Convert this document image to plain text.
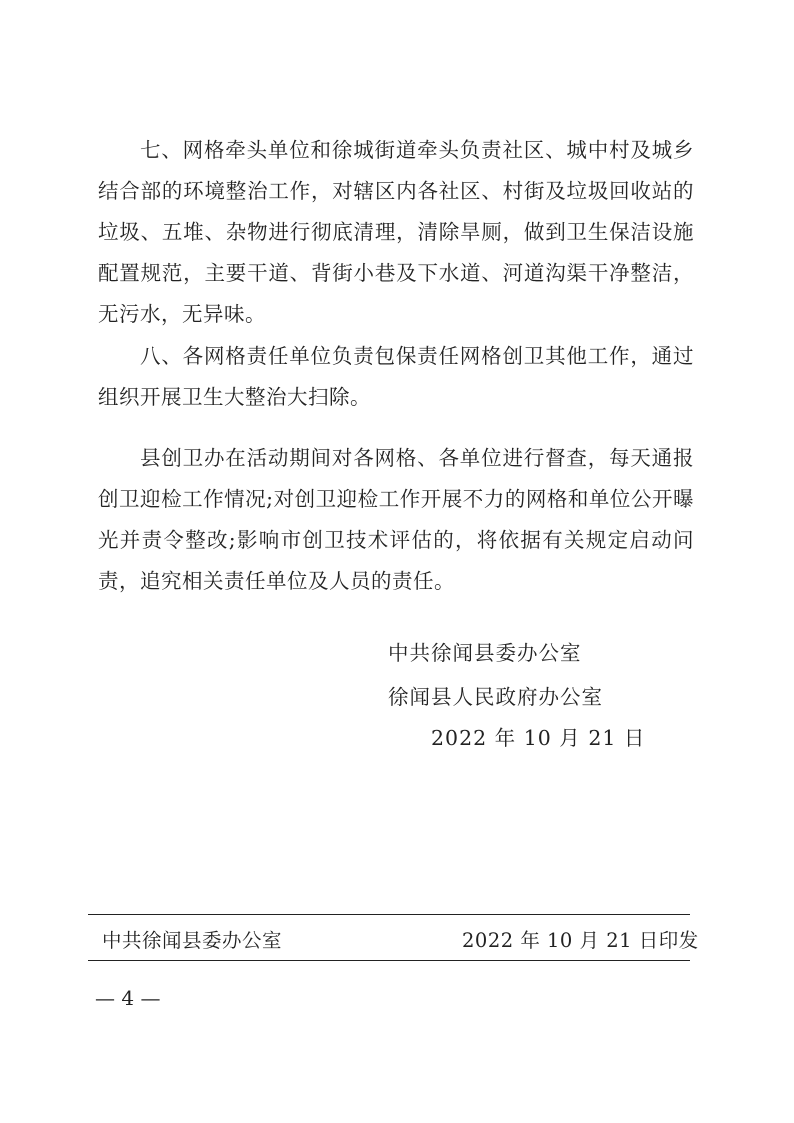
七、网格牵头单位和徐城街道牵头负责社区、城中村及城乡结合部的环境整治工作，对辖区内各社区、村街及垃圾回收站的垃圾、五堆、杂物进行彻底清理，清除旱厕，做到卫生保洁设施配置规范，主要干道、背街小巷及下水道、河道沟渠干净整洁，无污水，无异味。

八、各网格责任单位负责包保责任网格创卫其他工作，通过组织开展卫生大整治大扫除。

县创卫办在活动期间对各网格、各单位进行督查，每天通报创卫迎检工作情况;对创卫迎检工作开展不力的网格和单位公开曝光并责令整改;影响市创卫技术评估的，将依据有关规定启动问责，追究相关责任单位及人员的责任。

中共徐闻县委办公室

徐闻县人民政府办公室

2022 年 10 月 21 日

中共徐闻县委办公室	2022 年 10 月 21 日印发
— 4 —
